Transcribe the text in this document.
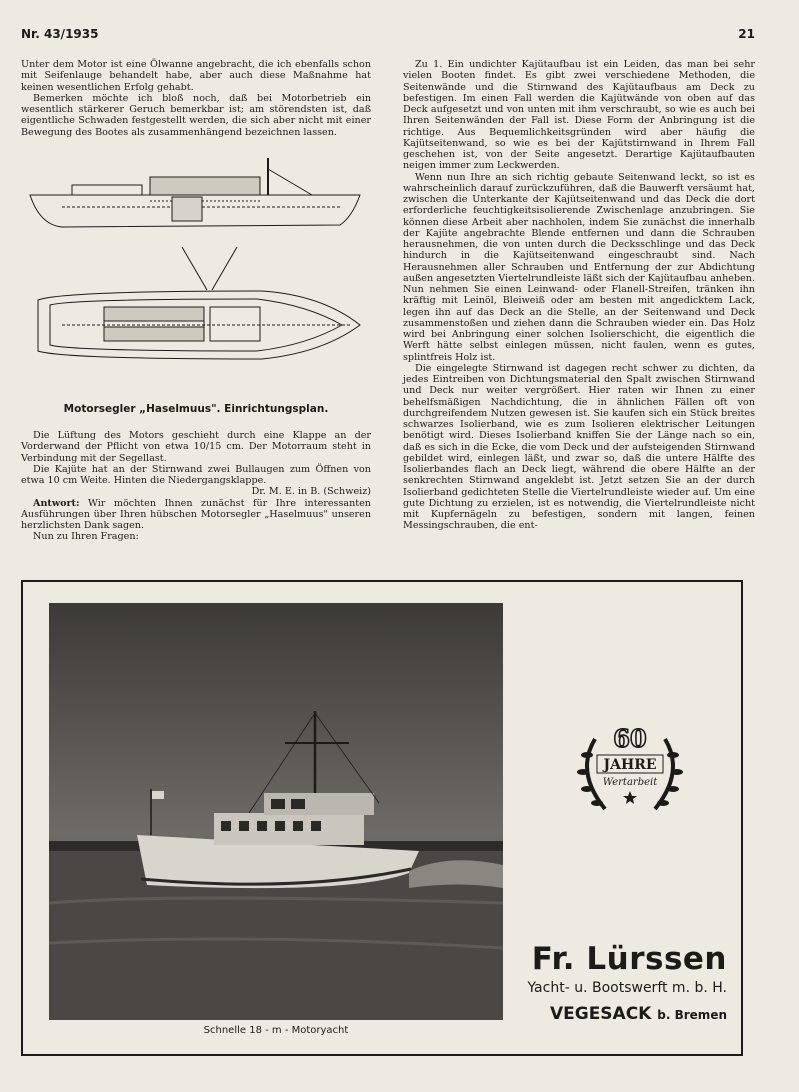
Nr. 43/1935	21

Unter dem Motor ist eine Ölwanne angebracht, die ich ebenfalls schon mit Seifenlauge behandelt habe, aber auch diese Maßnahme hat keinen wesentlichen Erfolg gehabt.

Bemerken möchte ich bloß noch, daß bei Motorbetrieb ein wesentlich stärkerer Geruch bemerkbar ist; am störendsten ist, daß eigentliche Schwaden festgestellt werden, die sich aber nicht mit einer Bewegung des Bootes als zusammenhängend bezeichnen lassen.

Motorsegler „Haselmuus". Einrichtungsplan.

Die Lüftung des Motors geschieht durch eine Klappe an der Vorderwand der Pflicht von etwa 10/15 cm. Der Motorraum steht in Verbindung mit der Segellast.

Die Kajüte hat an der Stirnwand zwei Bullaugen zum Öffnen von etwa 10 cm Weite. Hinten die Niedergangsklappe.

Dr. M. E. in B. (Schweiz)

Antwort: Wir möchten Ihnen zunächst für Ihre interessanten Ausführungen über Ihren hübschen Motorsegler „Haselmuus" unseren herzlichsten Dank sagen.

Nun zu Ihren Fragen:

Zu 1. Ein undichter Kajütaufbau ist ein Leiden, das man bei sehr vielen Booten findet. Es gibt zwei verschiedene Methoden, die Seitenwände und die Stirnwand des Kajütaufbaus am Deck zu befestigen. Im einen Fall werden die Kajütwände von oben auf das Deck aufgesetzt und von unten mit ihm verschraubt, so wie es auch bei Ihren Seitenwänden der Fall ist. Diese Form der Anbringung ist die richtige. Aus Bequemlichkeitsgründen wird aber häufig die Kajütseitenwand, so wie es bei der Kajütstirnwand in Ihrem Fall geschehen ist, von der Seite angesetzt. Derartige Kajütaufbauten neigen immer zum Leckwerden.

Wenn nun Ihre an sich richtig gebaute Seitenwand leckt, so ist es wahrscheinlich darauf zurückzuführen, daß die Bauwerft versäumt hat, zwischen die Unterkante der Kajütseitenwand und das Deck die dort erforderliche feuchtigkeitsisolierende Zwischenlage anzubringen. Sie können diese Arbeit aber nachholen, indem Sie zunächst die innerhalb der Kajüte angebrachte Blende entfernen und dann die Schrauben herausnehmen, die von unten durch die Decksschlinge und das Deck hindurch in die Kajütseitenwand eingeschraubt sind. Nach Herausnehmen aller Schrauben und Entfernung der zur Abdichtung außen angesetzten Viertelrundleiste läßt sich der Kajütaufbau anheben. Nun nehmen Sie einen Leinwand- oder Flanell-Streifen, tränken ihn kräftig mit Leinöl, Bleiweiß oder am besten mit angedicktem Lack, legen ihn auf das Deck an die Stelle, an der Seitenwand und Deck zusammenstoßen und ziehen dann die Schrauben wieder ein. Das Holz wird bei Anbringung einer solchen Isolierschicht, die eigentlich die Werft hätte selbst einlegen müssen, nicht faulen, wenn es gutes, splintfreis Holz ist.

Die eingelegte Stirnwand ist dagegen recht schwer zu dichten, da jedes Eintreiben von Dichtungsmaterial den Spalt zwischen Stirnwand und Deck nur weiter vergrößert. Hier raten wir Ihnen zu einer behelfsmäßigen Nachdichtung, die in ähnlichen Fällen oft von durchgreifendem Nutzen gewesen ist. Sie kaufen sich ein Stück breites schwarzes Isolierband, wie es zum Isolieren elektrischer Leitungen benötigt wird. Dieses Isolierband kniffen Sie der Länge nach so ein, daß es sich in die Ecke, die vom Deck und der aufsteigenden Stirnwand gebildet wird, einlegen läßt, und zwar so, daß die untere Hälfte des Isolierbandes flach an Deck liegt, während die obere Hälfte an der senkrechten Stirnwand angeklebt ist. Jetzt setzen Sie an der durch Isolierband gedichteten Stelle die Viertelrundleiste wieder auf. Um eine gute Dichtung zu erzielen, ist es notwendig, die Viertelrundleiste nicht mit Kupfernägeln zu befestigen, sondern mit langen, feinen Messingschrauben, die ent-

Schnelle 18 - m - Motoryacht
60
JAHRE
Wertarbeit
Fr. Lürssen
Yacht- u. Bootswerft m. b. H.
VEGESACK b. Bremen
